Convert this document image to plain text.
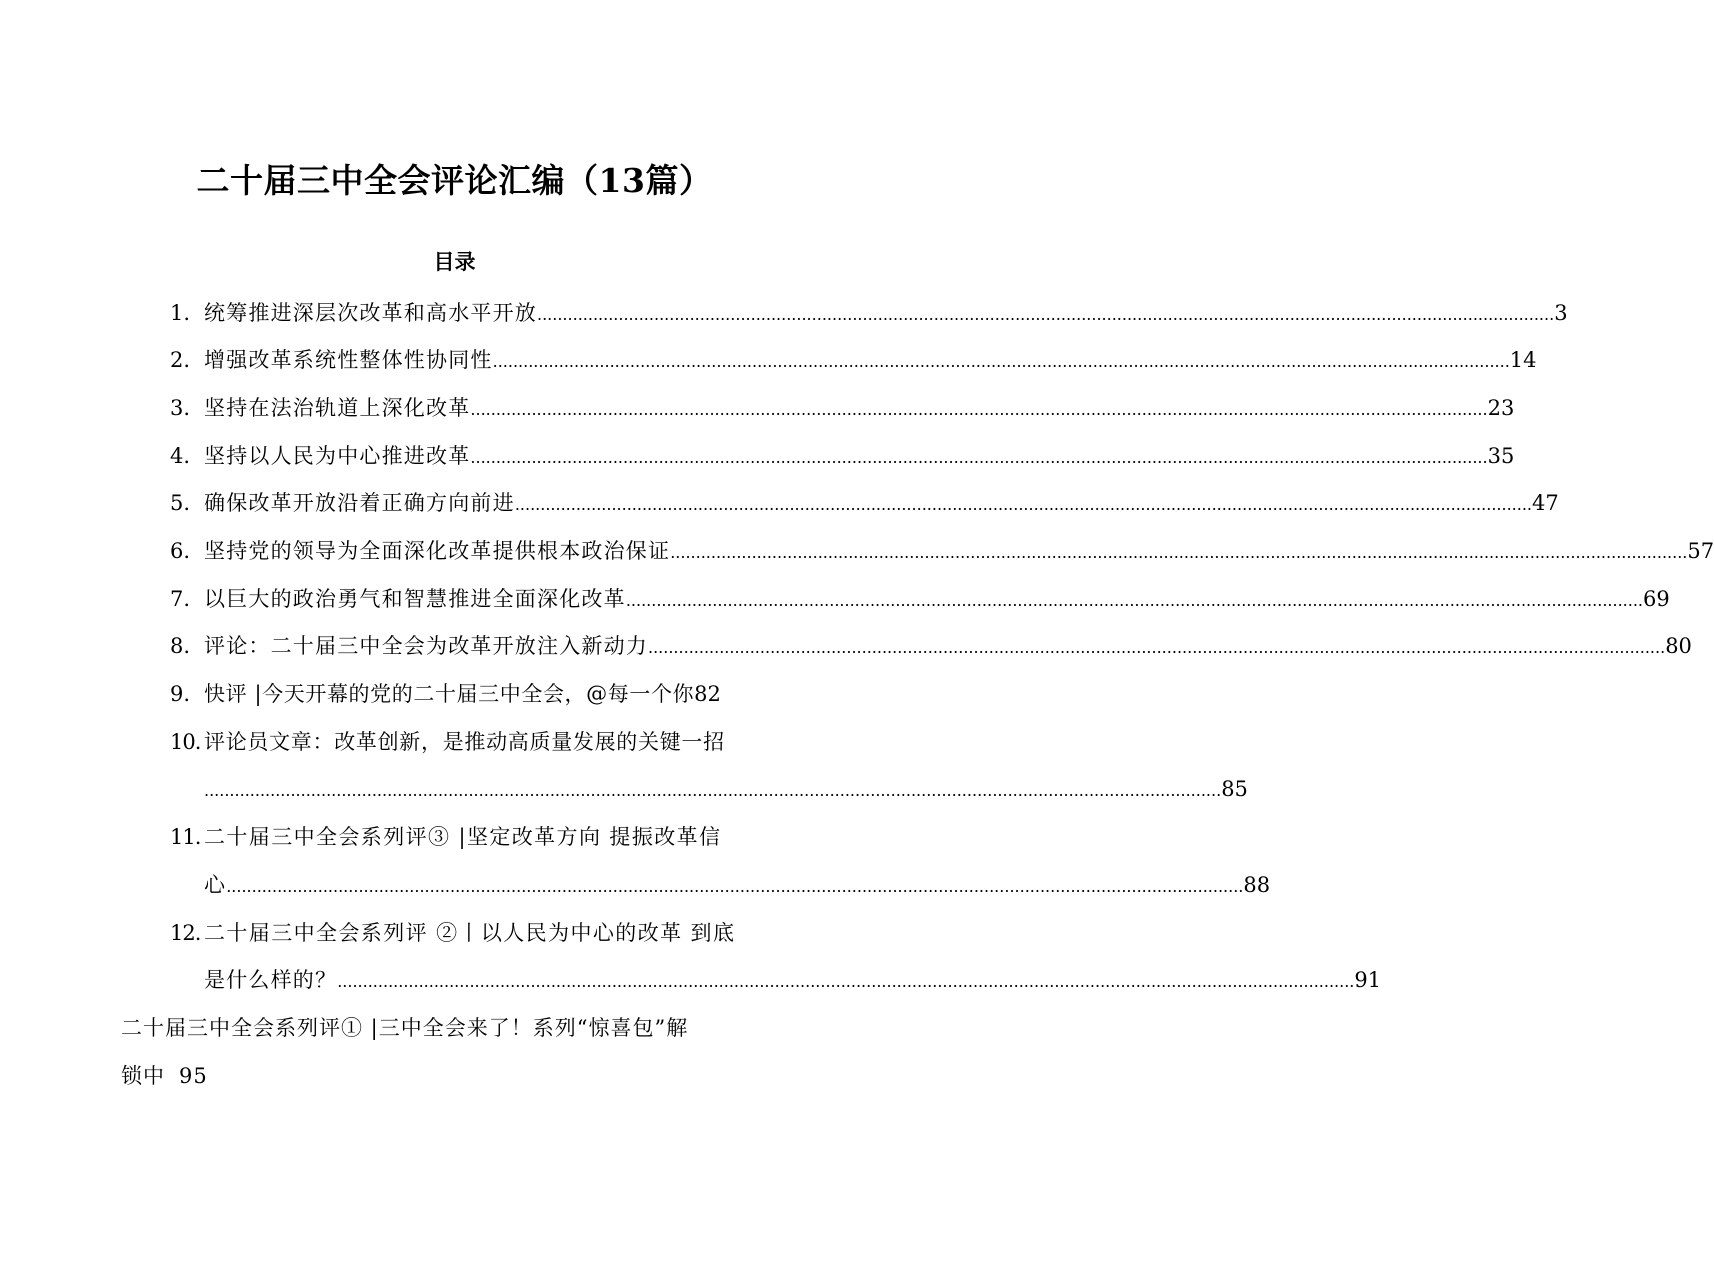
二十届三中全会评论汇编（13篇）
目录
1. 统筹推进深层次改革和高水平开放 ........................................................................................................................................................................................................ 3
2. 增强改革系统性整体性协同性 ........................................................................................................................................................................................................ 14
3. 坚持在法治轨道上深化改革 ........................................................................................................................................................................................................ 23
4. 坚持以人民为中心推进改革 ........................................................................................................................................................................................................ 35
5. 确保改革开放沿着正确方向前进 ........................................................................................................................................................................................................ 47
6. 坚持党的领导为全面深化改革提供根本政治保证 ........................................................................................................................................................................................................ 57
7. 以巨大的政治勇气和智慧推进全面深化改革 ........................................................................................................................................................................................................ 69
8. 评论：二十届三中全会为改革开放注入新动力 ........................................................................................................................................................................................................ 80
9. 快评 |今天开幕的党的二十届三中全会，@每一个你 82
10. 评论员文章：改革创新，是推动高质量发展的关键一招
........................................................................................................................................................................................................ 85
11. 二十届三中全会系列评③ |坚定改革方向 提振改革信
心 ........................................................................................................................................................................................................ 88
12. 二十届三中全会系列评 ②丨以人民为中心的改革 到底
是什么样的？ ........................................................................................................................................................................................................ 91
二十届三中全会系列评① |三中全会来了！系列“惊喜包”解
锁中 95
